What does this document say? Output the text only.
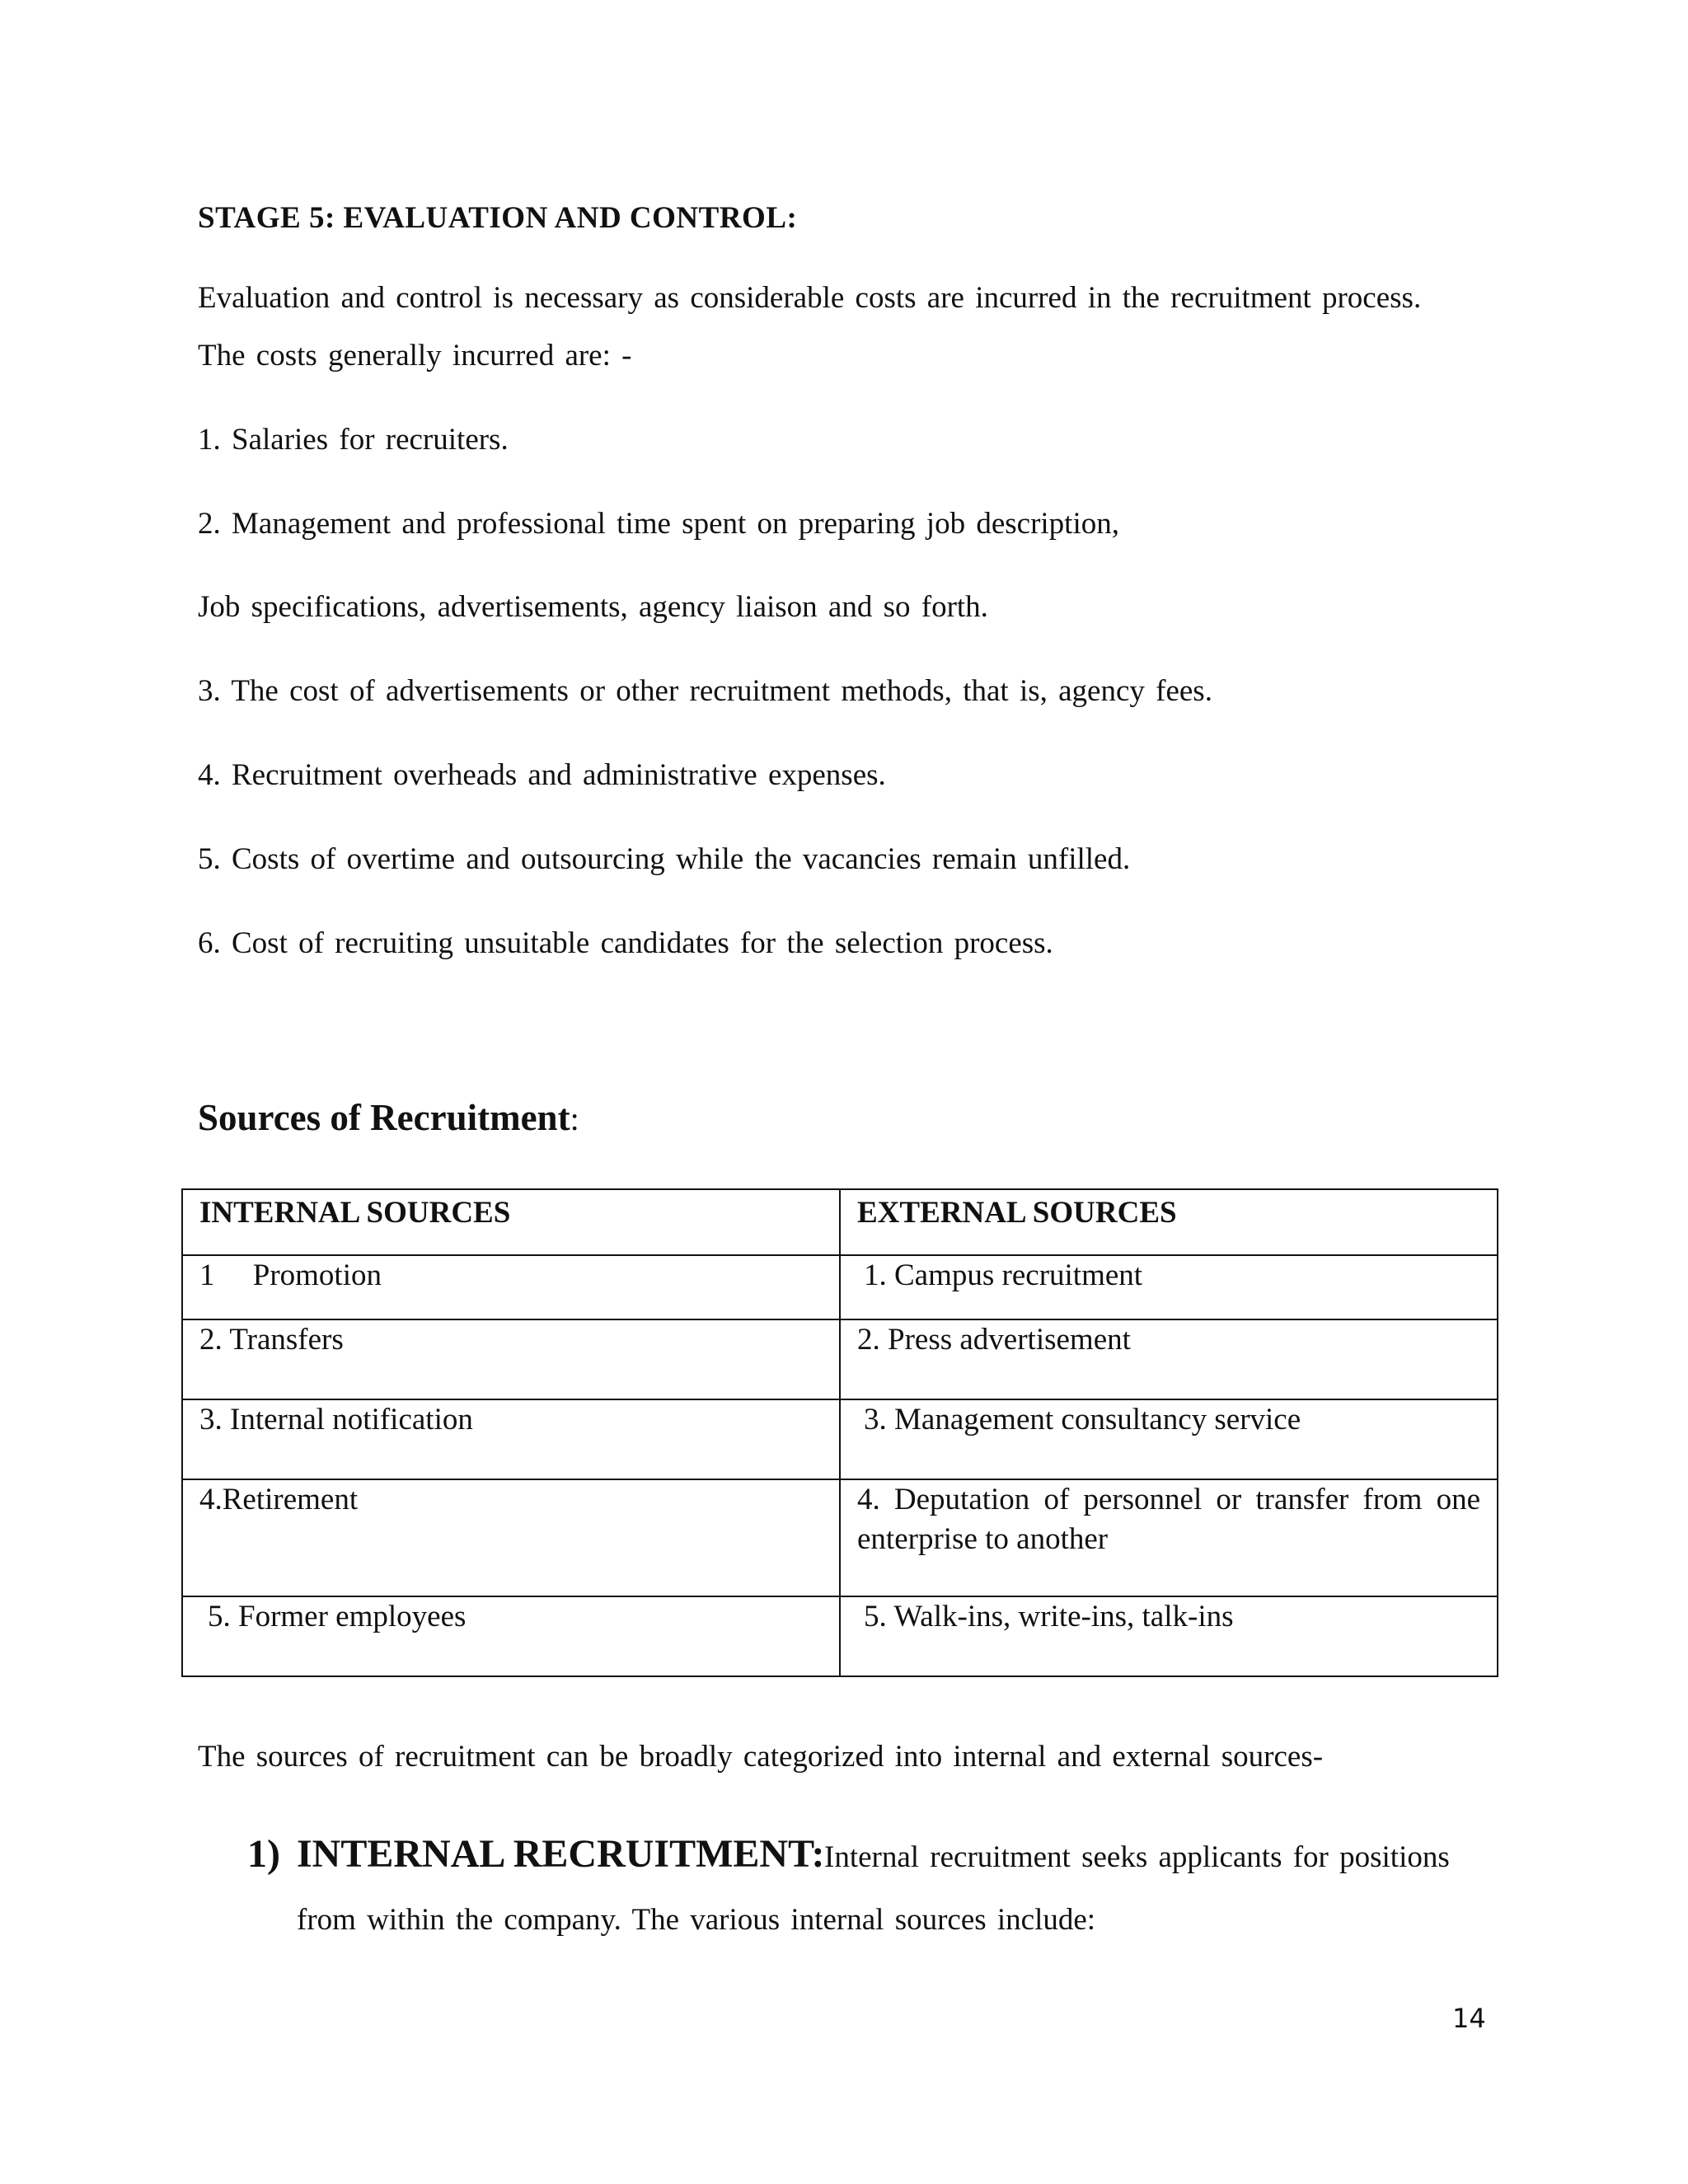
STAGE 5: EVALUATION AND CONTROL:
Evaluation and control is necessary as considerable costs are incurred in the recruitment process.
The costs generally incurred are: -
1. Salaries for recruiters.
2. Management and professional time spent on preparing job description,
Job specifications, advertisements, agency liaison and so forth.
3. The cost of advertisements or other recruitment methods, that is, agency fees.
4. Recruitment overheads and administrative expenses.
5. Costs of overtime and outsourcing while the vacancies remain unfilled.
6. Cost of recruiting unsuitable candidates for the selection process.
Sources of Recruitment:
INTERNAL SOURCES	EXTERNAL SOURCES
1     Promotion	1. Campus recruitment
2. Transfers	2. Press advertisement
3. Internal notification	3. Management consultancy service
4.Retirement	4. Deputation of personnel or transfer from one enterprise to another
5. Former employees	5. Walk-ins, write-ins, talk-ins
The sources of recruitment can be broadly categorized into internal and external sources-
1) INTERNAL RECRUITMENT: Internal recruitment seeks applicants for positions
from within the company. The various internal sources include:
14
